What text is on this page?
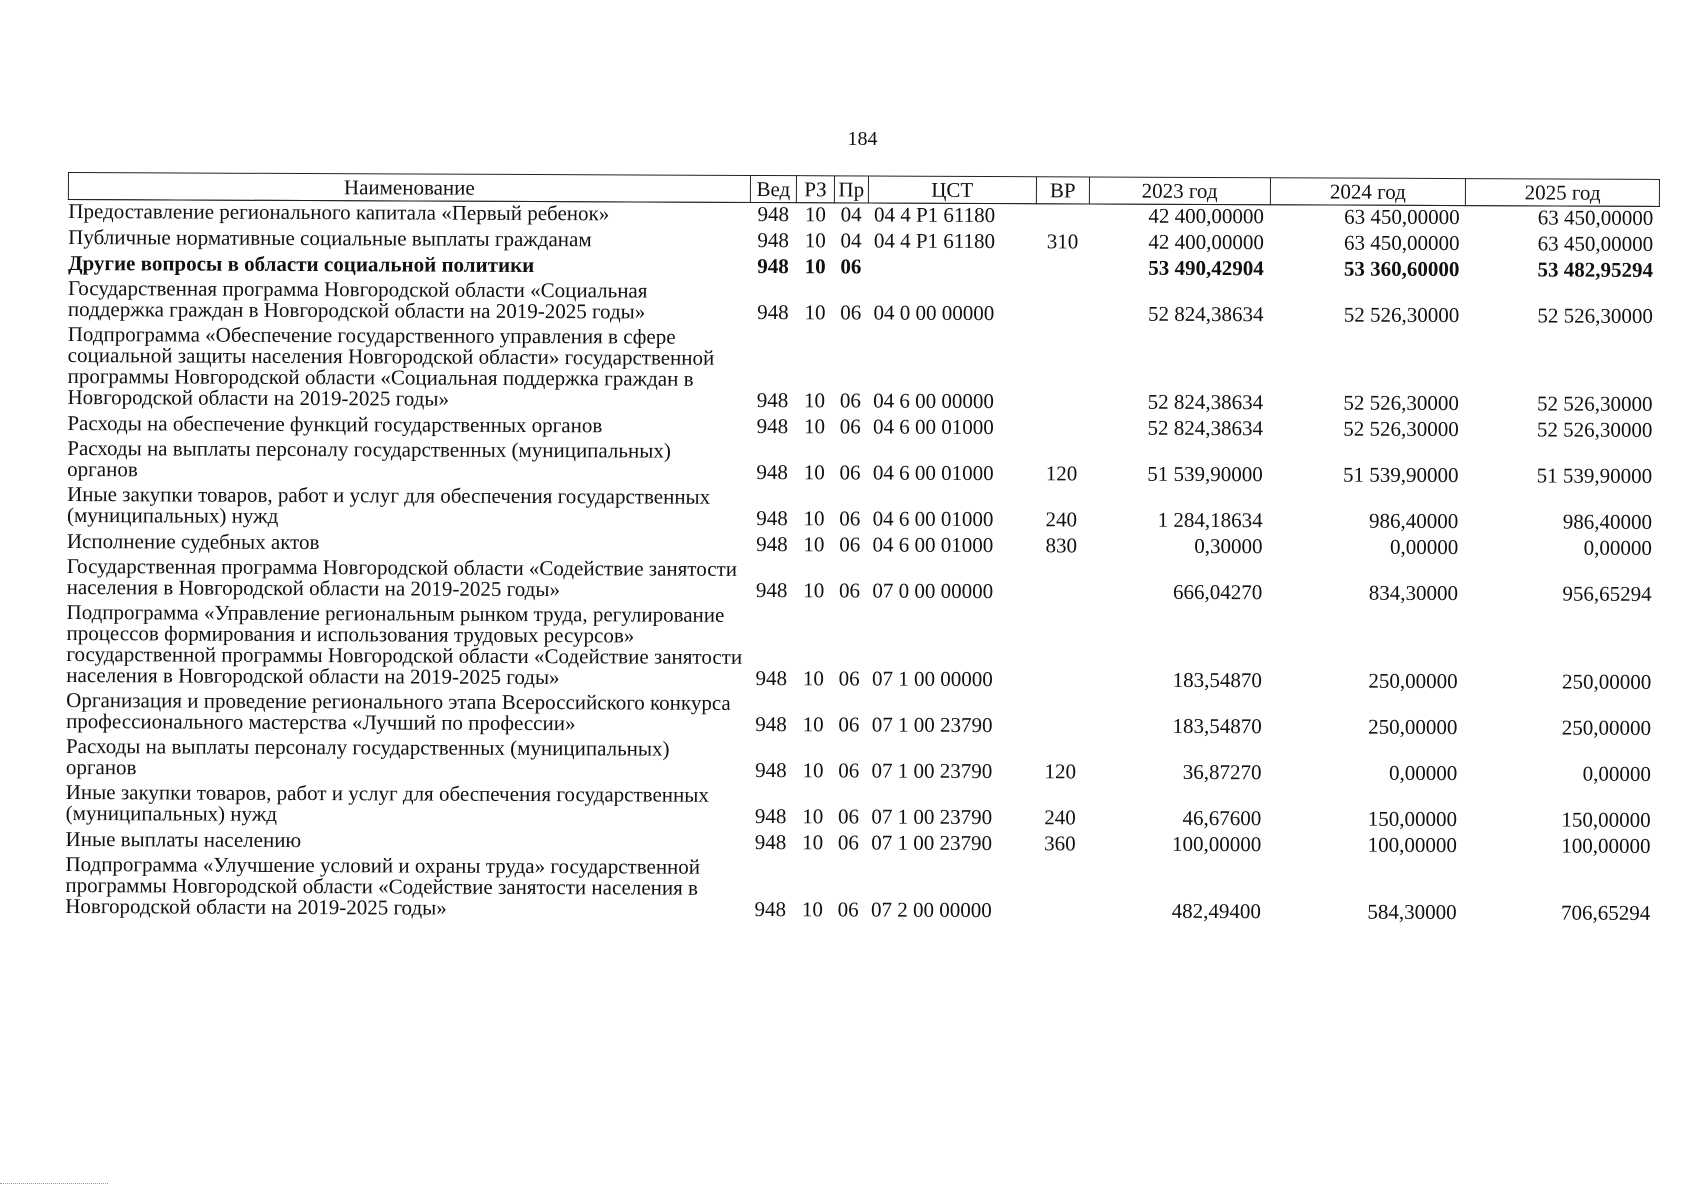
184
Наименование	Вед	РЗ	Пр	ЦСТ	ВР	2023 год	2024 год	2025 год
Предоставление регионального капитала «Первый ребенок»	948	10	04	04 4 P1 61180		42 400,00000	63 450,00000	63 450,00000
Публичные нормативные социальные выплаты гражданам	948	10	04	04 4 P1 61180	310	42 400,00000	63 450,00000	63 450,00000
Другие вопросы в области социальной политики	948	10	06			53 490,42904	53 360,60000	53 482,95294
Государственная программа Новгородской области «Социальная поддержка граждан в Новгородской области на 2019-2025 годы»	948	10	06	04 0 00 00000		52 824,38634	52 526,30000	52 526,30000
Подпрограмма «Обеспечение государственного управления в сфере социальной защиты населения Новгородской области» государственной программы Новгородской области «Социальная поддержка граждан в Новгородской области на 2019-2025 годы»	948	10	06	04 6 00 00000		52 824,38634	52 526,30000	52 526,30000
Расходы на обеспечение функций государственных органов	948	10	06	04 6 00 01000		52 824,38634	52 526,30000	52 526,30000
Расходы на выплаты персоналу государственных (муниципальных) органов	948	10	06	04 6 00 01000	120	51 539,90000	51 539,90000	51 539,90000
Иные закупки товаров, работ и услуг для обеспечения государственных (муниципальных) нужд	948	10	06	04 6 00 01000	240	1 284,18634	986,40000	986,40000
Исполнение судебных актов	948	10	06	04 6 00 01000	830	0,30000	0,00000	0,00000
Государственная программа Новгородской области «Содействие занятости населения в Новгородской области на 2019-2025 годы»	948	10	06	07 0 00 00000		666,04270	834,30000	956,65294
Подпрограмма «Управление региональным рынком труда, регулирование процессов формирования и использования трудовых ресурсов» государственной программы Новгородской области «Содействие занятости населения в Новгородской области на 2019-2025 годы»	948	10	06	07 1 00 00000		183,54870	250,00000	250,00000
Организация и проведение регионального этапа Всероссийского конкурса профессионального мастерства «Лучший по профессии»	948	10	06	07 1 00 23790		183,54870	250,00000	250,00000
Расходы на выплаты персоналу государственных (муниципальных) органов	948	10	06	07 1 00 23790	120	36,87270	0,00000	0,00000
Иные закупки товаров, работ и услуг для обеспечения государственных (муниципальных) нужд	948	10	06	07 1 00 23790	240	46,67600	150,00000	150,00000
Иные выплаты населению	948	10	06	07 1 00 23790	360	100,00000	100,00000	100,00000
Подпрограмма «Улучшение условий и охраны труда» государственной программы Новгородской области «Содействие занятости населения в Новгородской области на 2019-2025 годы»	948	10	06	07 2 00 00000		482,49400	584,30000	706,65294
